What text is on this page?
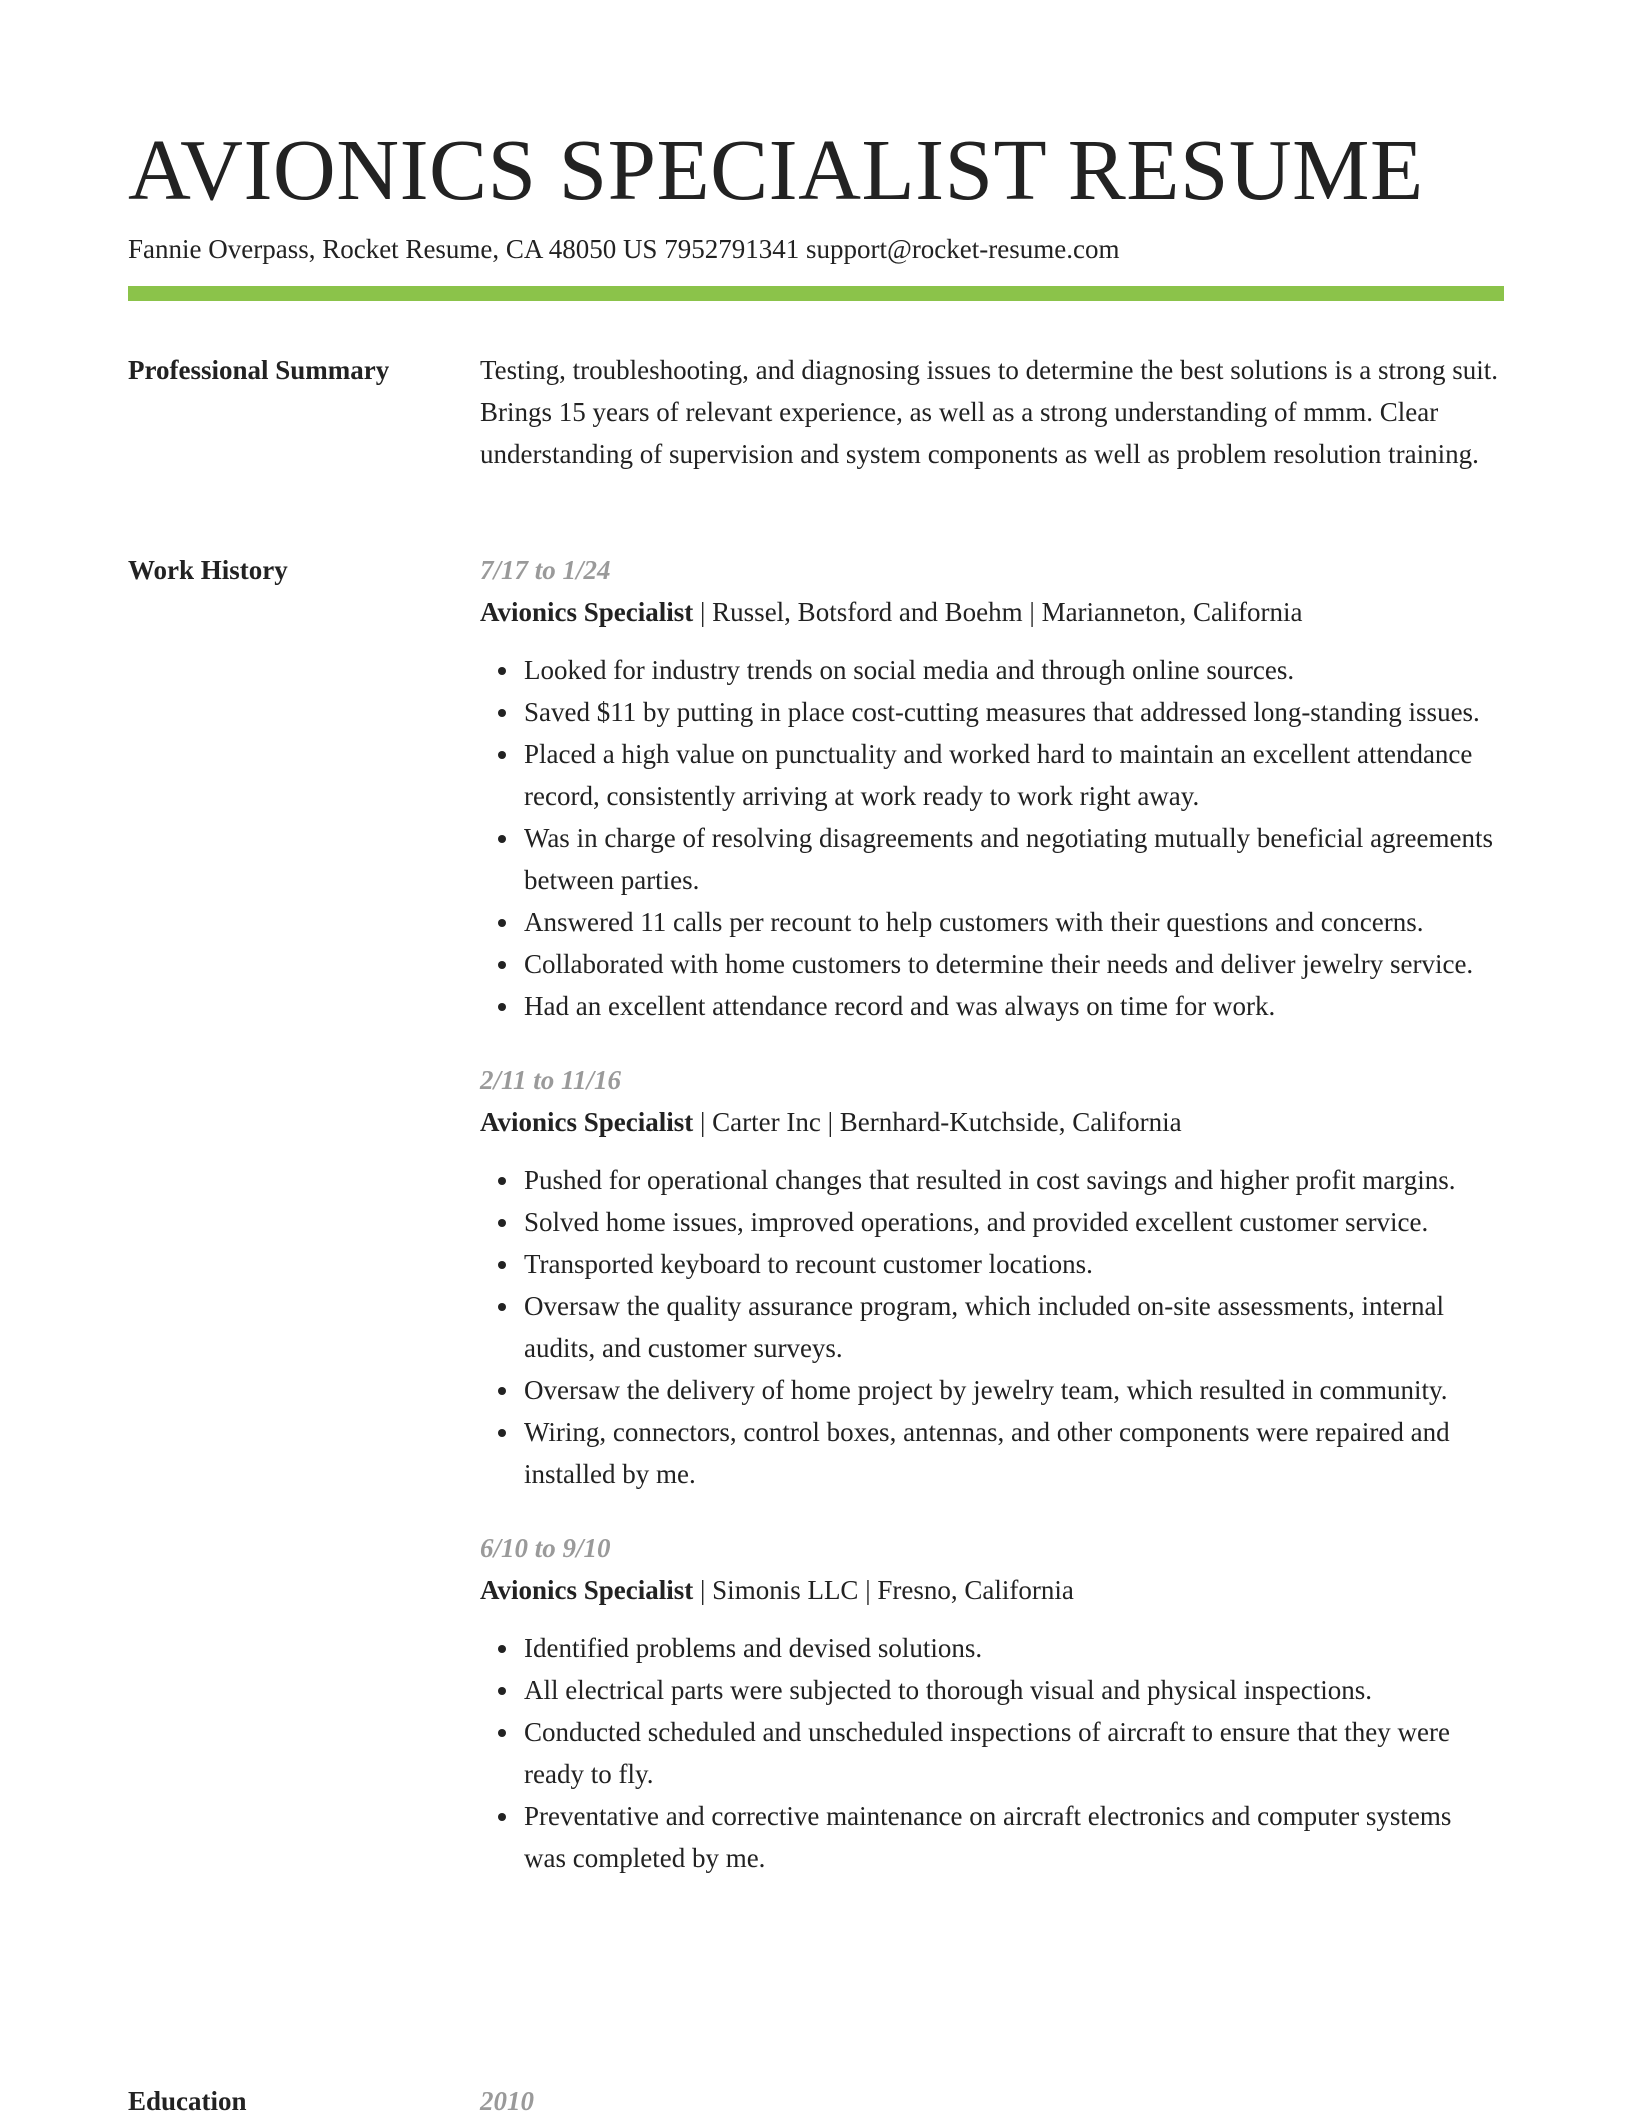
AVIONICS SPECIALIST RESUME
Fannie Overpass, Rocket Resume, CA 48050 US 7952791341 support@rocket-resume.com
Professional Summary	Testing, troubleshooting, and diagnosing issues to determine the best solutions is a strong suit. Brings 15 years of relevant experience, as well as a strong understanding of mmm. Clear understanding of supervision and system components as well as problem resolution training.

Work History	7/17 to 1/24
Avionics Specialist | Russel, Botsford and Boehm | Marianneton, California
Looked for industry trends on social media and through online sources.
Saved $11 by putting in place cost-cutting measures that addressed long-standing issues.
Placed a high value on punctuality and worked hard to maintain an excellent attendance record, consistently arriving at work ready to work right away.
Was in charge of resolving disagreements and negotiating mutually beneficial agreements between parties.
Answered 11 calls per recount to help customers with their questions and concerns.
Collaborated with home customers to determine their needs and deliver jewelry service.
Had an excellent attendance record and was always on time for work.
2/11 to 11/16
Avionics Specialist | Carter Inc | Bernhard-Kutchside, California
Pushed for operational changes that resulted in cost savings and higher profit margins.
Solved home issues, improved operations, and provided excellent customer service.
Transported keyboard to recount customer locations.
Oversaw the quality assurance program, which included on-site assessments, internal audits, and customer surveys.
Oversaw the delivery of home project by jewelry team, which resulted in community.
Wiring, connectors, control boxes, antennas, and other components were repaired and installed by me.
6/10 to 9/10
Avionics Specialist | Simonis LLC | Fresno, California
Identified problems and devised solutions.
All electrical parts were subjected to thorough visual and physical inspections.
Conducted scheduled and unscheduled inspections of aircraft to ensure that they were ready to fly.
Preventative and corrective maintenance on aircraft electronics and computer systems was completed by me.
Education	2010
